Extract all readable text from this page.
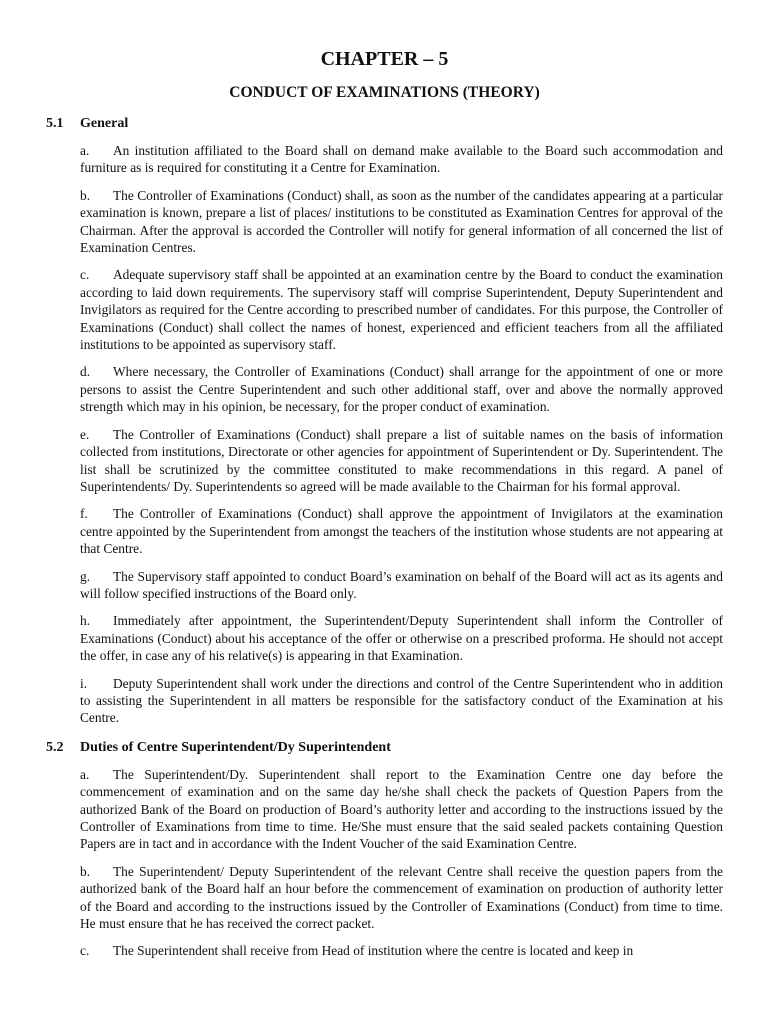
CHAPTER – 5
CONDUCT OF EXAMINATIONS (THEORY)
5.1	General
a. An institution affiliated to the Board shall on demand make available to the Board such accommodation and furniture as is required for constituting it a Centre for Examination.
b. The Controller of Examinations (Conduct) shall, as soon as the number of the candidates appearing at a particular examination is known, prepare a list of places/ institutions to be constituted as Examination Centres for approval of the Chairman. After the approval is accorded the Controller will notify for general information of all concerned the list of Examination Centres.
c. Adequate supervisory staff shall be appointed at an examination centre by the Board to conduct the examination according to laid down requirements. The supervisory staff will comprise Superintendent, Deputy Superintendent and Invigilators as required for the Centre according to prescribed number of candidates. For this purpose, the Controller of Examinations (Conduct) shall collect the names of honest, experienced and efficient teachers from all the affiliated institutions to be appointed as supervisory staff.
d. Where necessary, the Controller of Examinations (Conduct) shall arrange for the appointment of one or more persons to assist the Centre Superintendent and such other additional staff, over and above the normally approved strength which may in his opinion, be necessary, for the proper conduct of examination.
e. The Controller of Examinations (Conduct) shall prepare a list of suitable names on the basis of information collected from institutions, Directorate or other agencies for appointment of Superintendent or Dy. Superintendent. The list shall be scrutinized by the committee constituted to make recommendations in this regard. A panel of Superintendents/ Dy. Superintendents so agreed will be made available to the Chairman for his formal approval.
f. The Controller of Examinations (Conduct) shall approve the appointment of Invigilators at the examination centre appointed by the Superintendent from amongst the teachers of the institution whose students are not appearing at that Centre.
g. The Supervisory staff appointed to conduct Board’s examination on behalf of the Board will act as its agents and will follow specified instructions of the Board only.
h. Immediately after appointment, the Superintendent/Deputy Superintendent shall inform the Controller of Examinations (Conduct) about his acceptance of the offer or otherwise on a prescribed proforma. He should not accept the offer, in case any of his relative(s) is appearing in that Examination.
i. Deputy Superintendent shall work under the directions and control of the Centre Superintendent who in addition to assisting the Superintendent in all matters be responsible for the satisfactory conduct of the Examination at his Centre.
5.2	Duties of Centre Superintendent/Dy Superintendent
a. The Superintendent/Dy. Superintendent shall report to the Examination Centre one day before the commencement of examination and on the same day he/she shall check the packets of Question Papers from the authorized Bank of the Board on production of Board’s authority letter and according to the instructions issued by the Controller of Examinations from time to time. He/She must ensure that the said sealed packets containing Question Papers are in tact and in accordance with the Indent Voucher of the said Examination Centre.
b. The Superintendent/ Deputy Superintendent of the relevant Centre shall receive the question papers from the authorized bank of the Board half an hour before the commencement of examination on production of authority letter of the Board and according to the instructions issued by the Controller of Examinations (Conduct) from time to time. He must ensure that he has received the correct packet.
c. The Superintendent shall receive from Head of institution where the centre is located and keep in
